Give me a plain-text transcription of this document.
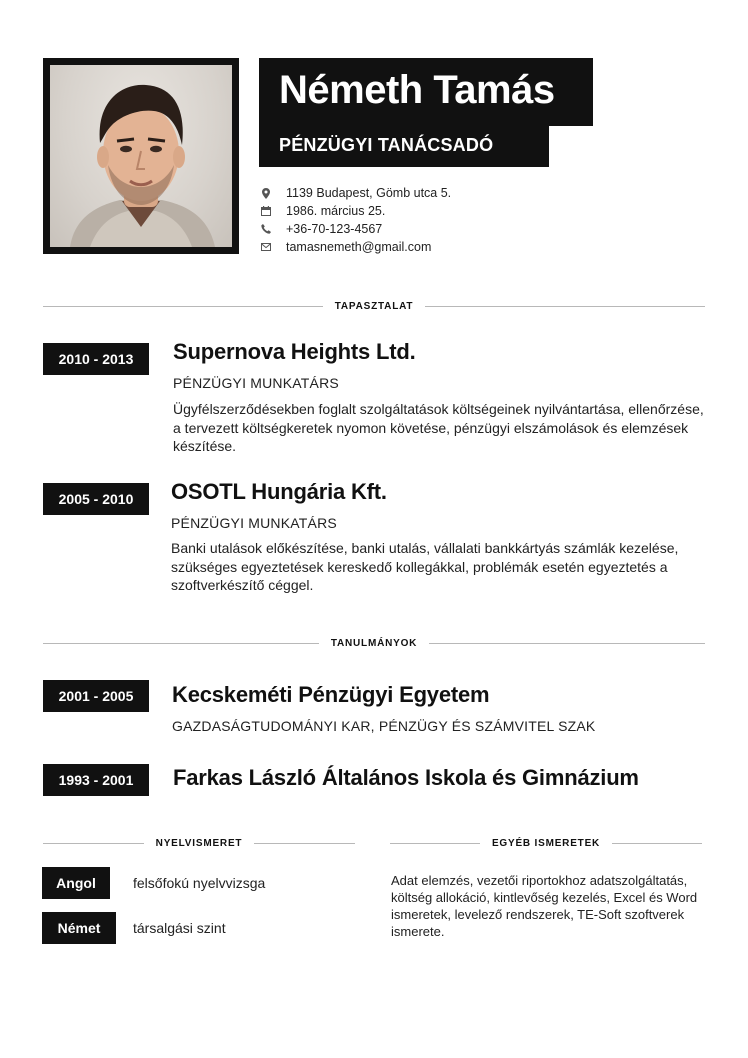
Németh Tamás
PÉNZÜGYI TANÁCSADÓ
1139 Budapest, Gömb utca 5.
1986. március 25.
+36-70-123-4567
tamasnemeth@gmail.com
TAPASZTALAT
2010 - 2013	Supernova Heights Ltd.
PÉNZÜGYI MUNKATÁRS
Ügyfélszerződésekben foglalt szolgáltatások költségeinek nyilvántartása, ellenőrzése, a tervezett költségkeretek nyomon követése, pénzügyi elszámolások és elemzések készítése.
2005 - 2010	OSOTL Hungária Kft.
PÉNZÜGYI MUNKATÁRS
Banki utalások előkészítése, banki utalás, vállalati bankkártyás számlák kezelése, szükséges egyeztetések kereskedő kollegákkal, problémák esetén egyeztetés a szoftverkészítő céggel.
TANULMÁNYOK
2001 - 2005	Kecskeméti Pénzügyi Egyetem
GAZDASÁGTUDOMÁNYI KAR, PÉNZÜGY ÉS SZÁMVITEL SZAK
1993 - 2001	Farkas László Általános Iskola és Gimnázium
NYELVISMERET	EGYÉB ISMERETEK
Angol	felsőfokú nyelvvizsga
Német	társalgási szint
Adat elemzés, vezetői riportokhoz adatszolgáltatás, költség allokáció, kintlevőség kezelés, Excel és Word ismeretek, levelező rendszerek, TE-Soft szoftverek ismerete.
